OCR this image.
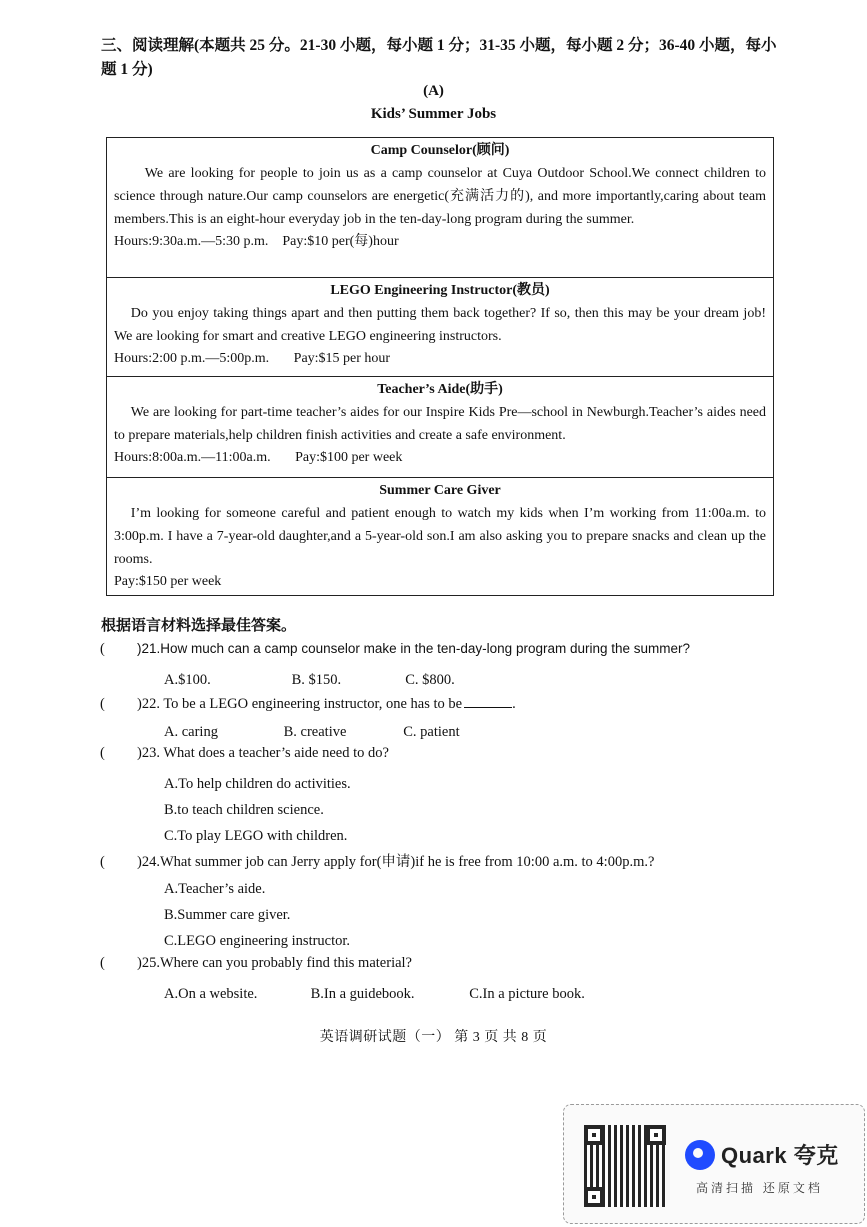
三、阅读理解(本题共 25 分。21-30 小题，每小题 1 分；31-35 小题，每小题 2 分；36-40 小题，每小题 1 分)
(A)
Kids’ Summer Jobs
Camp Counselor(顾问)
We are looking for people to join us as a camp counselor at Cuya Outdoor School.We connect children to science through nature.Our camp counselors are energetic(充满活力的), and more importantly,caring about team members.This is an eight-hour everyday job in the ten-day-long program during the summer.
Hours:9:30a.m.—5:30 p.m.    Pay:$10 per(每)hour
LEGO Engineering Instructor(教员)
Do you enjoy taking things apart and then putting them back together? If so, then this may be your dream job! We are looking for smart and creative LEGO engineering instructors.
Hours:2:00 p.m.—5:00p.m.       Pay:$15 per hour
Teacher’s Aide(助手)
We are looking for part-time teacher’s aides for our Inspire Kids Pre—school in Newburgh.Teacher’s aides need to prepare materials,help children finish activities and create a safe environment.
Hours:8:00a.m.—11:00a.m.       Pay:$100 per week
Summer Care Giver
I’m looking for someone careful and patient enough to watch my kids when I’m working from 11:00a.m. to 3:00p.m. I have a 7-year-old daughter,and a 5-year-old son.I am also asking you to prepare snacks and clean up the rooms.
Pay:$150 per week
根据语言材料选择最佳答案。
(	)21.How much can a camp counselor make in the ten-day-long program during the summer?
A.$100.	B. $150.	C. $800.
(	)22. To be a LEGO engineering instructor, one has to be	.
A. caring	B. creative	C. patient
(	)23. What does a teacher’s aide need to do?
A.To help children do activities.
B.to teach children science.
C.To play LEGO with children.
(	)24.What summer job can Jerry apply for(申请)if he is free from 10:00 a.m. to 4:00p.m.?
A.Teacher’s aide.
B.Summer care giver.
C.LEGO engineering instructor.
(	)25.Where can you probably find this material?
A.On a website.	B.In a guidebook.	C.In a picture book.
英语调研试题（一） 第 3 页 共 8 页
Quark 夸克
高清扫描 还原文档
